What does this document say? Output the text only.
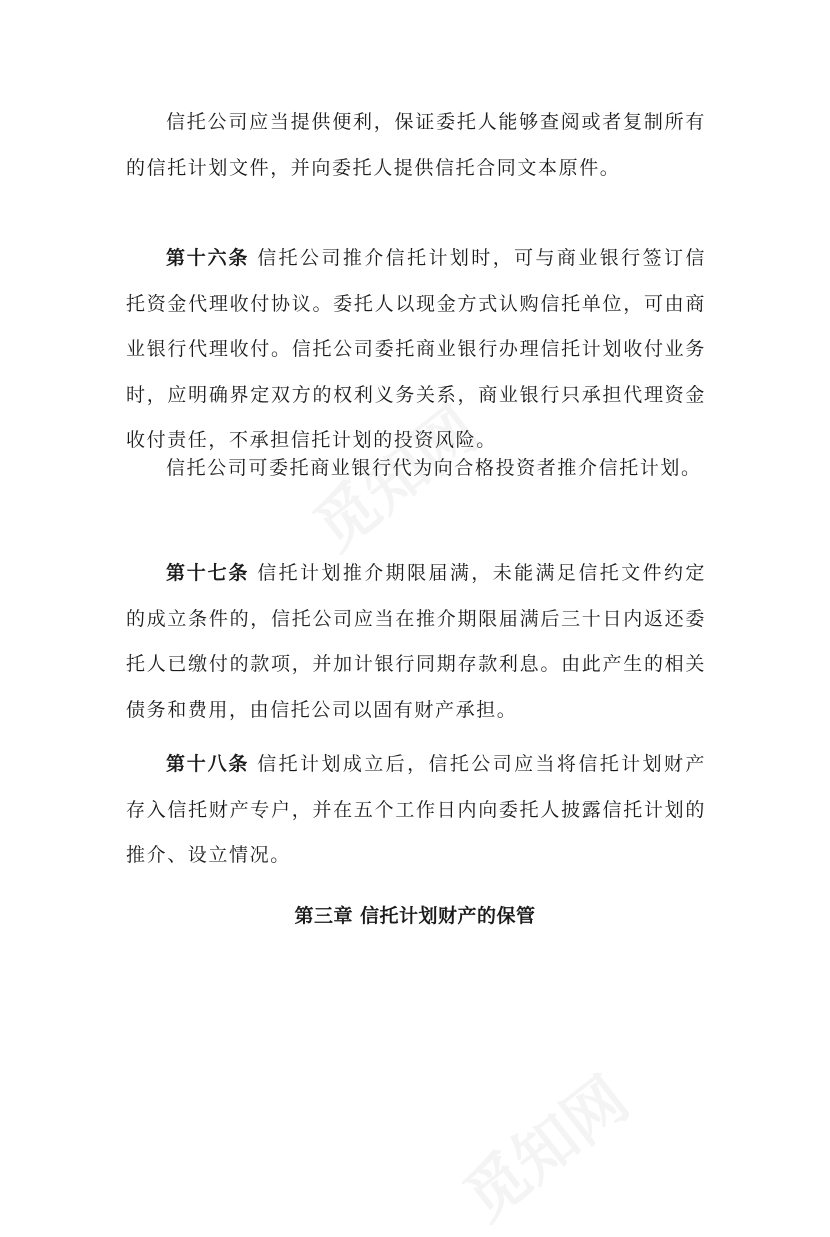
信托公司应当提供便利，保证委托人能够查阅或者复制所有的信托计划文件，并向委托人提供信托合同文本原件。

第十六条 信托公司推介信托计划时，可与商业银行签订信托资金代理收付协议。委托人以现金方式认购信托单位，可由商业银行代理收付。信托公司委托商业银行办理信托计划收付业务时，应明确界定双方的权利义务关系，商业银行只承担代理资金收付责任，不承担信托计划的投资风险。

信托公司可委托商业银行代为向合格投资者推介信托计划。

第十七条 信托计划推介期限届满，未能满足信托文件约定的成立条件的，信托公司应当在推介期限届满后三十日内返还委托人已缴付的款项，并加计银行同期存款利息。由此产生的相关债务和费用，由信托公司以固有财产承担。

第十八条 信托计划成立后，信托公司应当将信托计划财产存入信托财产专户，并在五个工作日内向委托人披露信托计划的推介、设立情况。

第三章 信托计划财产的保管
